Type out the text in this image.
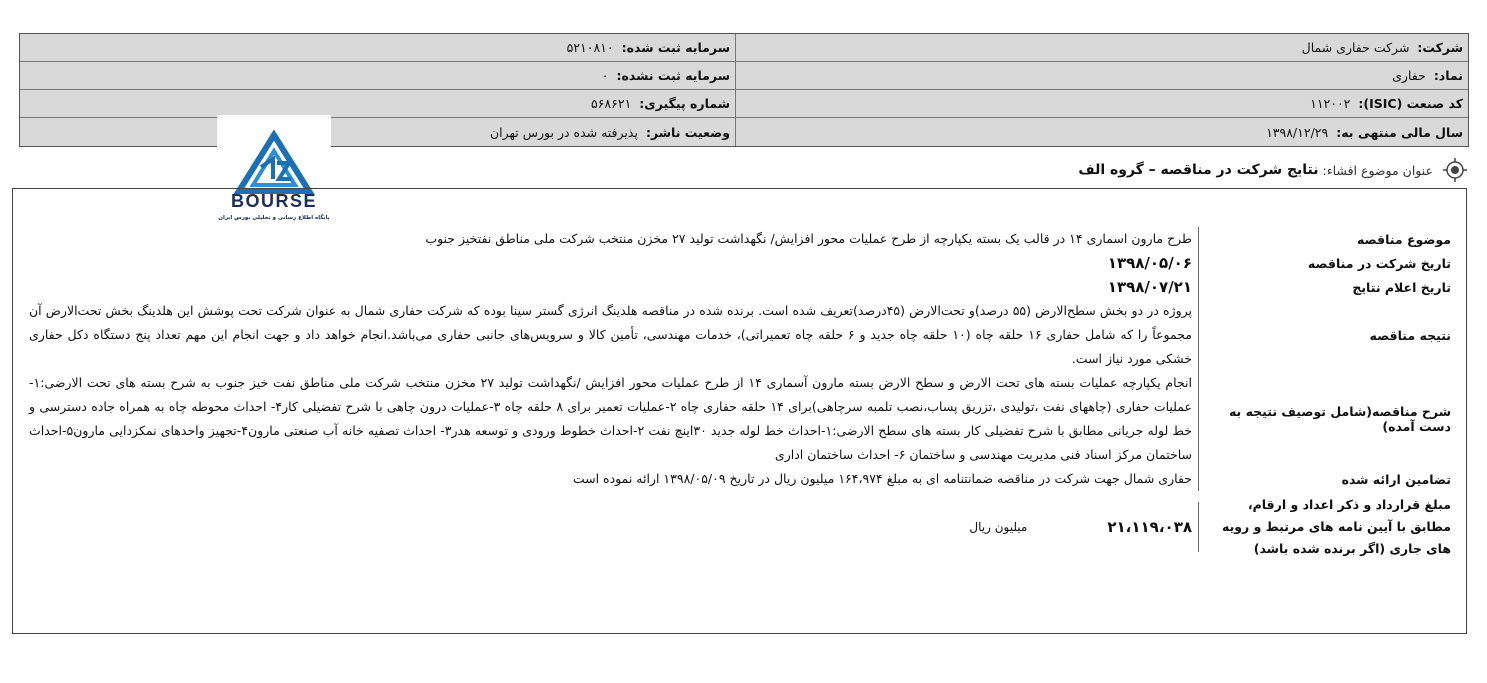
شرکت:
شرکت حفاری شمال
سرمایه ثبت شده:
۵۲۱۰۸۱۰
نماد:
حفاری
سرمایه ثبت نشده:
۰
کد صنعت (ISIC):
۱۱۲۰۰۲
شماره پیگیری:
۵۶۸۶۲۱
سال مالی منتهی به:
۱۳۹۸/۱۲/۲۹
وضعیت ناشر:
پذیرفته شده در بورس تهران
BOURSE
پایگاه اطلاع رسانی و تحلیلی بورس ایران
عنوان موضوع افشاء:
نتایج شرکت در مناقصه – گروه الف
موضوع مناقصه
طرح مارون اسماری ۱۴ در قالب یک بسته یکپارچه از طرح عملیات محور افزایش/ نگهداشت تولید ۲۷ مخزن منتخب شرکت ملی مناطق نفتخیز جنوب
تاریخ شرکت در مناقصه
۱۳۹۸/۰۵/۰۶
تاریخ اعلام نتایج
۱۳۹۸/۰۷/۲۱
نتیجه مناقصه
پروژه در دو بخش سطح‌الارض (۵۵ درصد)و تحت‌الارض (۴۵درصد)تعریف شده است. برنده شده در مناقصه هلدینگ انرژی گستر سینا بوده که شرکت حفاری شمال به عنوان شرکت تحت پوشش این هلدینگ بخش تحت‌الارض آن مجموعاً را که شامل حفاری ۱۶ حلقه چاه (۱۰ حلقه چاه جدید و ۶ حلقه چاه تعمیراتی)، خدمات مهندسی، تأمین کالا و سرویس‌های جانبی حفاری می‌باشد.انجام خواهد داد و جهت انجام این مهم تعداد پنج دستگاه دکل حفاری خشکی مورد نیاز است.
شرح مناقصه(شامل توصیف نتیجه به دست آمده)
انجام یکپارچه عملیات بسته های تحت الارض و سطح الارض بسته مارون آسماری ۱۴ از طرح عملیات محور افزایش /نگهداشت تولید ۲۷ مخزن منتخب شرکت ملی مناطق نفت خیز جنوب به شرح بسته های تحت الارضی:۱- عملیات حفاری (چاههای نفت ،تولیدی ،تزریق پساب،نصب تلمبه سرچاهی)برای ۱۴ حلقه حفاری چاه ۲-عملیات تعمیر برای ۸ حلقه چاه ۳-عملیات درون چاهی با شرح تفضیلی کار۴- احداث محوطه چاه به همراه جاده دسترسی و خط لوله جریانی مطابق با شرح تفضیلی کار بسته های سطح الارضی:۱-احداث خط لوله جدید ۳۰اینچ نفت ۲-احداث خطوط ورودی و توسعه هدر۳- احداث تصفیه خانه آب صنعتی مارون۴-تجهیز واحدهای نمکزدایی مارون۵-احداث ساختمان مرکز اسناد فنی مدیریت مهندسی و ساختمان ۶- احداث ساختمان اداری
تضامین ارائه شده
حفاری شمال جهت شرکت در مناقصه ضمانتنامه ای به مبلغ ۱۶۴،۹۷۴ میلیون ریال در تاریخ ۱۳۹۸/۰۵/۰۹ ارائه نموده است
مبلغ قرارداد و ذکر اعداد و ارقام، مطابق با آیین نامه های مرتبط و رویه های جاری (اگر برنده شده باشد)
۲۱،۱۱۹،۰۳۸
میلیون ریال
